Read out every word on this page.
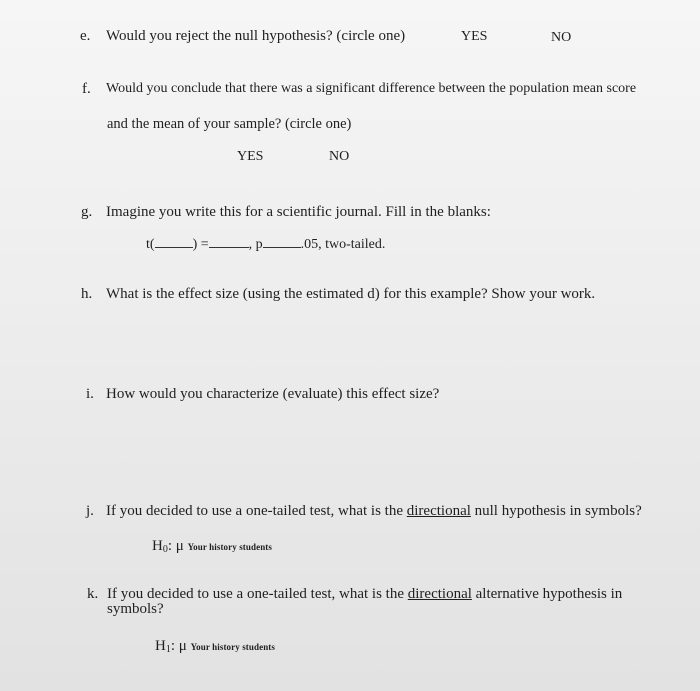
e. Would you reject the null hypothesis? (circle one)	YES	NO
f. Would you conclude that there was a significant difference between the population mean score
and the mean of your sample? (circle one)
YES	NO
g. Imagine you write this for a scientific journal. Fill in the blanks:
t(	) =	, p	.05, two-tailed.
h. What is the effect size (using the estimated d) for this example? Show your work.
i. How would you characterize (evaluate) this effect size?
j. If you decided to use a one-tailed test, what is the directional null hypothesis in symbols?
$H_0$: μ Your history students
k. If you decided to use a one-tailed test, what is the directional alternative hypothesis in
symbols?
$H_1$: μ Your history students
